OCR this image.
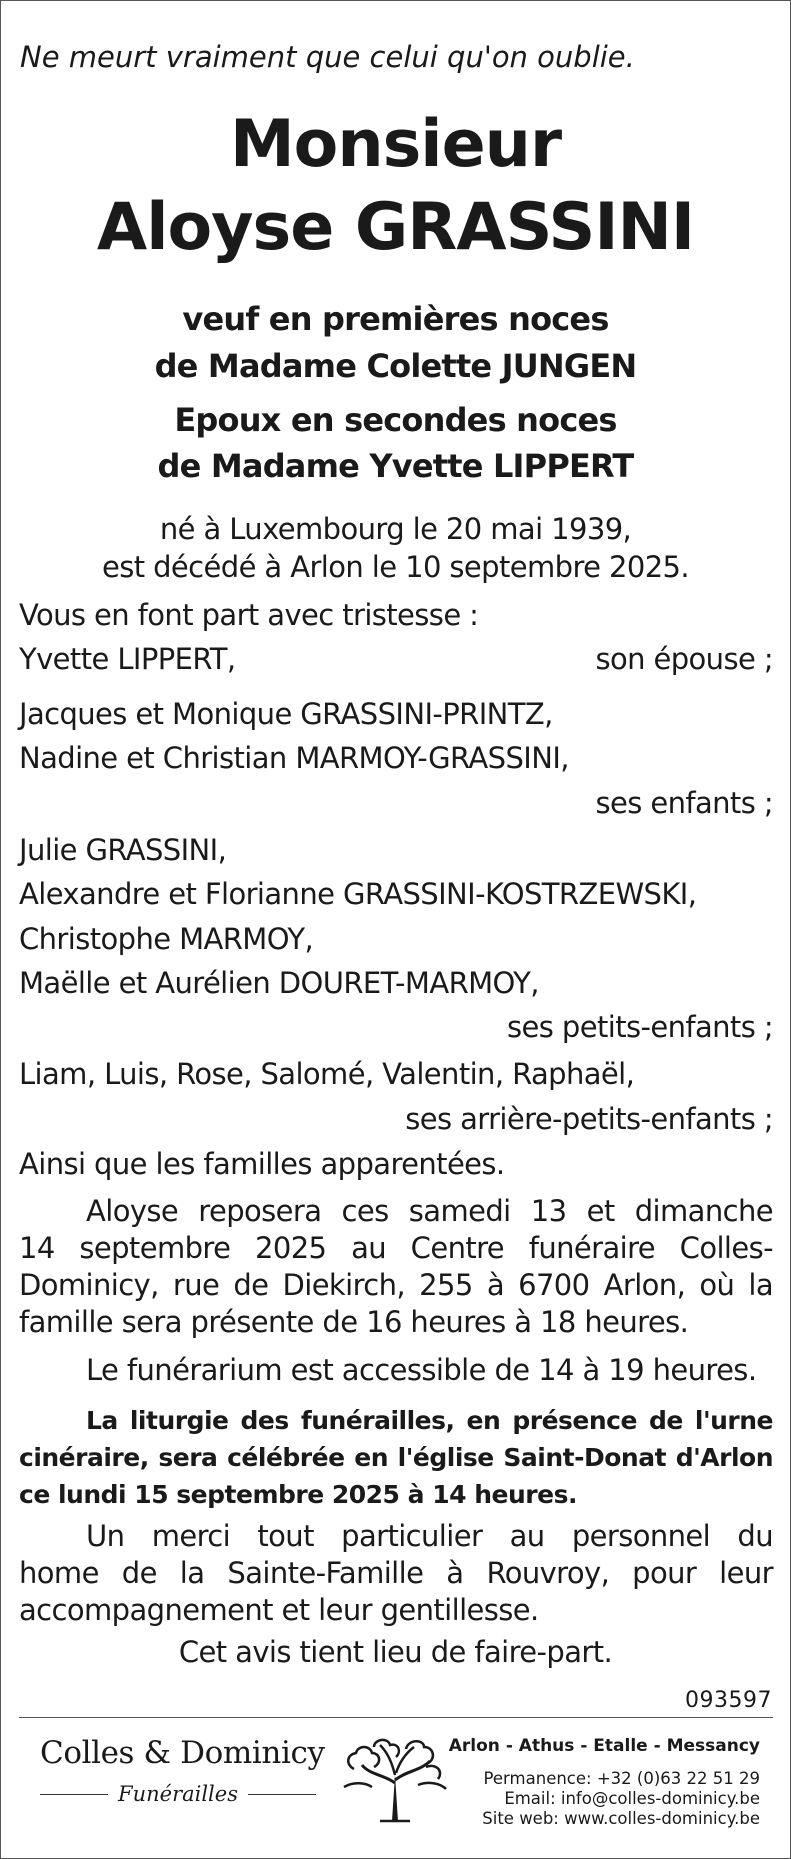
Ne meurt vraiment que celui qu'on oublie.
Monsieur
Aloyse GRASSINI
veuf en premières noces
de Madame Colette JUNGEN
Epoux en secondes noces
de Madame Yvette LIPPERT
né à Luxembourg le 20 mai 1939,
est décédé à Arlon le 10 septembre 2025.
Vous en font part avec tristesse :
Yvette LIPPERT,	son épouse ;
Jacques et Monique GRASSINI-PRINTZ,
Nadine et Christian MARMOY-GRASSINI,
ses enfants ;
Julie GRASSINI,
Alexandre et Florianne GRASSINI-KOSTRZEWSKI,
Christophe MARMOY,
Maëlle et Aurélien DOURET-MARMOY,
ses petits-enfants ;
Liam, Luis, Rose, Salomé, Valentin, Raphaël,
ses arrière-petits-enfants ;
Ainsi que les familles apparentées.
Aloyse reposera ces samedi 13 et dimanche
14 septembre 2025 au Centre funéraire Colles-
Dominicy, rue de Diekirch, 255 à 6700 Arlon, où la
famille sera présente de 16 heures à 18 heures.
Le funérarium est accessible de 14 à 19 heures.
La liturgie des funérailles, en présence de l'urne
cinéraire, sera célébrée en l'église Saint-Donat d'Arlon
ce lundi 15 septembre 2025 à 14 heures.
Un merci tout particulier au personnel du
home de la Sainte-Famille à Rouvroy, pour leur
accompagnement et leur gentillesse.
Cet avis tient lieu de faire-part.
093597
Colles & Dominicy
Funérailles
Arlon - Athus - Etalle - Messancy
Permanence: +32 (0)63 22 51 29
Email: info@colles-dominicy.be
Site web: www.colles-dominicy.be
